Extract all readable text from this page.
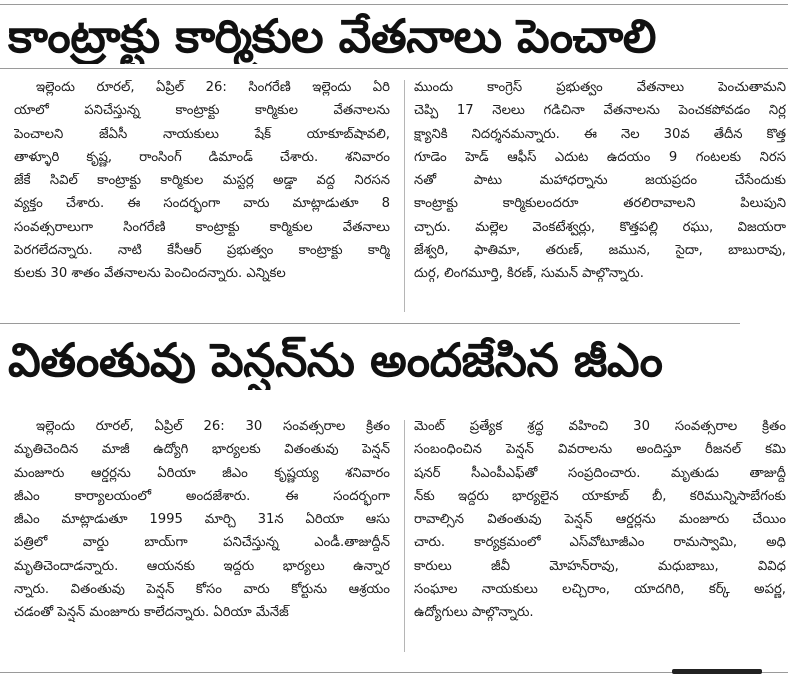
కాంట్రాక్టు కార్మికుల వేతనాలు పెంచాలి
ఇల్లెందు రూరల్‌, ఏప్రిల్‌ 26: సింగరేణి ఇల్లెందు ఏరి
యాలో పనిచేస్తున్న కాంట్రాక్టు కార్మికుల వేతనాలను
పెంచాలని జేఏసీ నాయకులు షేక్‌ యాకూబ్‌షావలి,
తాళ్ళూరి కృష్ణ, రాంసింగ్‌ డిమాండ్‌ చేశారు. శనివారం
జేకే సివిల్‌ కాంట్రాక్టు కార్మికుల మస్టర్ల అడ్డా వద్ద నిరసన
వ్యక్తం చేశారు. ఈ సందర్భంగా వారు మాట్లాడుతూ 8
సంవత్సరాలుగా సింగరేణి కాంట్రాక్టు కార్మికుల వేతనాలు
పెరగలేదన్నారు. నాటి కేసీఆర్‌ ప్రభుత్వం కాంట్రాక్టు కార్మి
కులకు 30 శాతం వేతనాలను పెంచిందన్నారు. ఎన్నికల
ముందు కాంగ్రెస్‌ ప్రభుత్వం వేతనాలు పెంచుతామని
చెప్పి 17 నెలలు గడిచినా వేతనాలను పెంచకపోవడం నిర్ల
క్ష్యానికి నిదర్శనమన్నారు. ఈ నెల 30వ తేదీన కొత్త
గూడెం హెడ్‌ ఆఫీస్‌ ఎదుట ఉదయం 9 గంటలకు నిరస
నతో పాటు మహాధర్నాను జయప్రదం చేసేందుకు
కాంట్రాక్టు కార్మికులందరూ తరలిరావాలని పిలుపుని
చ్చారు. మల్లెల వెంకటేశ్వర్లు, కొత్తపల్లి రఘు, విజయరా
జేశ్వరి, ఫాతిమా, తరుణ్‌, జమున, సైదా, బాబురావు,
దుర్గ, లింగమూర్తి, కిరణ్‌, సుమన్‌ పాల్గొన్నారు.
వితంతువు పెన్షన్‌ను అందజేసిన జీఎం
ఇల్లెందు రూరల్‌, ఏప్రిల్‌ 26: 30 సంవత్సరాల క్రితం
మృతిచెందిన మాజీ ఉద్యోగి భార్యలకు వితంతువు పెన్షన్‌
మంజూరు ఆర్డర్లను ఏరియా జీఎం కృష్ణయ్య శనివారం
జీఎం కార్యాలయంలో అందజేశారు. ఈ సందర్భంగా
జీఎం మాట్లాడుతూ 1995 మార్చి 31న ఏరియా ఆసు
పత్రిలో వార్డు బాయ్‌గా పనిచేస్తున్న ఎండీ.తాజుద్దీన్‌
మృతిచెందాడన్నారు. ఆయనకు ఇద్దరు భార్యలు ఉన్నార
న్నారు. వితంతువు పెన్షన్‌ కోసం వారు కోర్టును ఆశ్రయం
చడంతో పెన్షన్‌ మంజూరు కాలేదన్నారు. ఏరియా మేనేజ్‌
మెంట్‌ ప్రత్యేక శ్రద్ధ వహించి 30 సంవత్సరాల క్రితం
సంబంధించిన పెన్షన్‌ వివరాలను అందిస్తూ రీజనల్‌ కమి
షనర్‌ సీఎంపీఎఫ్‌తో సంప్రదించారు. మృతుడు తాజుద్దీ
న్‌కు ఇద్దరు భార్యలైన యాకూబ్‌ బీ, కరిమున్నిసాబేగంకు
రావాల్సిన వితంతువు పెన్షన్‌ ఆర్డర్లను మంజూరు చేయిం
చారు. కార్యక్రమంలో ఎస్‌వోటూజీఎం రామస్వామి, అధి
కారులు జీవీ మోహన్‌రావు, మధుబాబు, వివిధ
సంఘాల నాయకులు లచ్చిరాం, యాదగిరి, కర్క్‌ అపర్ణ,
ఉద్యోగులు పాల్గొన్నారు.
